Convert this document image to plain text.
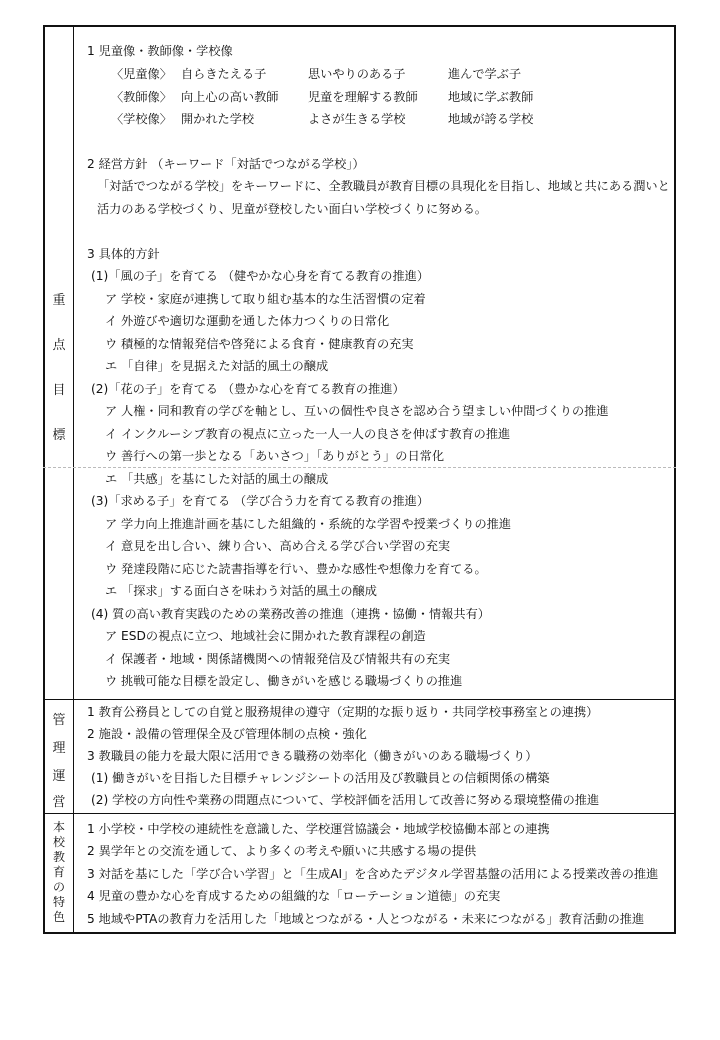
重
点
目
標
1 児童像・教師像・学校像
〈児童像〉 自らきたえる子	思いやりのある子	進んで学ぶ子
〈教師像〉 向上心の高い教師 児童を理解する教師 地域に学ぶ教師
〈学校像〉 開かれた学校	よさが生きる学校	地域が誇る学校
2 経営方針 （キーワード「対話でつながる学校」）
「対話でつながる学校」をキーワードに、全教職員が教育目標の具現化を目指し、地域と共にある潤いと
活力のある学校づくり、児童が登校したい面白い学校づくりに努める。
3 具体的方針
(1)「風の子」を育てる （健やかな心身を育てる教育の推進）
ア 学校・家庭が連携して取り組む基本的な生活習慣の定着
イ 外遊びや適切な運動を通した体力つくりの日常化
ウ 積極的な情報発信や啓発による食育・健康教育の充実
エ 「自律」を見据えた対話的風土の醸成
(2)「花の子」を育てる （豊かな心を育てる教育の推進）
ア 人権・同和教育の学びを軸とし、互いの個性や良さを認め合う望ましい仲間づくりの推進
イ インクルーシブ教育の視点に立った一人一人の良さを伸ばす教育の推進
ウ 善行への第一歩となる「あいさつ」「ありがとう」の日常化
エ 「共感」を基にした対話的風土の醸成
(3)「求める子」を育てる （学び合う力を育てる教育の推進）
ア 学力向上推進計画を基にした組織的・系統的な学習や授業づくりの推進
イ 意見を出し合い、練り合い、高め合える学び合い学習の充実
ウ 発達段階に応じた読書指導を行い、豊かな感性や想像力を育てる。
エ 「探求」する面白さを味わう対話的風土の醸成
(4) 質の高い教育実践のための業務改善の推進（連携・協働・情報共有）
ア ESDの視点に立つ、地域社会に開かれた教育課程の創造
イ 保護者・地域・関係諸機関への情報発信及び情報共有の充実
ウ 挑戦可能な目標を設定し、働きがいを感じる職場づくりの推進
管
理
運
営
1 教育公務員としての自覚と服務規律の遵守（定期的な振り返り・共同学校事務室との連携）
2 施設・設備の管理保全及び管理体制の点検・強化
3 教職員の能力を最大限に活用できる職務の効率化（働きがいのある職場づくり）
(1) 働きがいを目指した目標チャレンジシートの活用及び教職員との信頼関係の構築
(2) 学校の方向性や業務の問題点について、学校評価を活用して改善に努める環境整備の推進
本
校
教
育
の
特
色
1 小学校・中学校の連続性を意識した、学校運営協議会・地域学校協働本部との連携
2 異学年との交流を通して、より多くの考えや願いに共感する場の提供
3 対話を基にした「学び合い学習」と「生成AI」を含めたデジタル学習基盤の活用による授業改善の推進
4 児童の豊かな心を育成するための組織的な「ローテーション道徳」の充実
5 地域やPTAの教育力を活用した「地域とつながる・人とつながる・未来につながる」教育活動の推進
